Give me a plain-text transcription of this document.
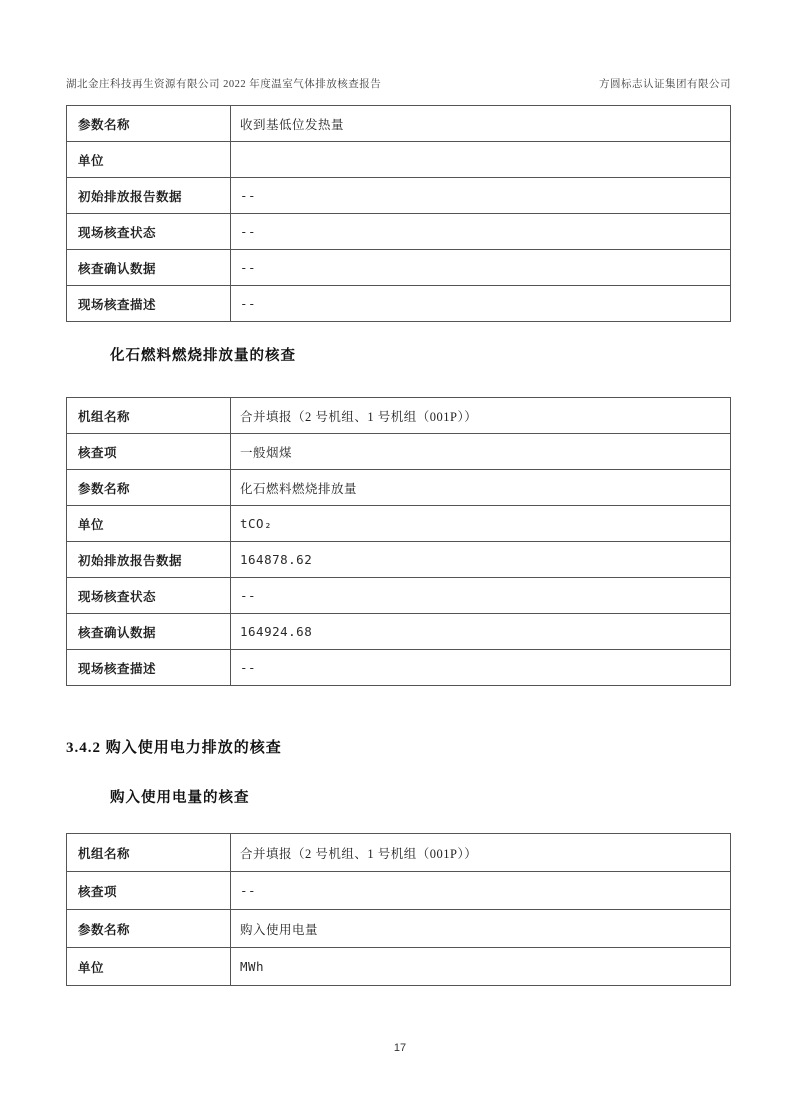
湖北金庄科技再生资源有限公司 2022 年度温室气体排放核查报告	方圆标志认证集团有限公司
参数名称	收到基低位发热量
单位	
初始排放报告数据	--
现场核查状态	--
核查确认数据	--
现场核查描述	--
化石燃料燃烧排放量的核查
机组名称	合并填报（2 号机组、1 号机组（001P））
核查项	一般烟煤
参数名称	化石燃料燃烧排放量
单位	tCO₂
初始排放报告数据	164878.62
现场核查状态	--
核查确认数据	164924.68
现场核查描述	--
3.4.2 购入使用电力排放的核查
购入使用电量的核查
机组名称	合并填报（2 号机组、1 号机组（001P））
核查项	--
参数名称	购入使用电量
单位	MWh
17
